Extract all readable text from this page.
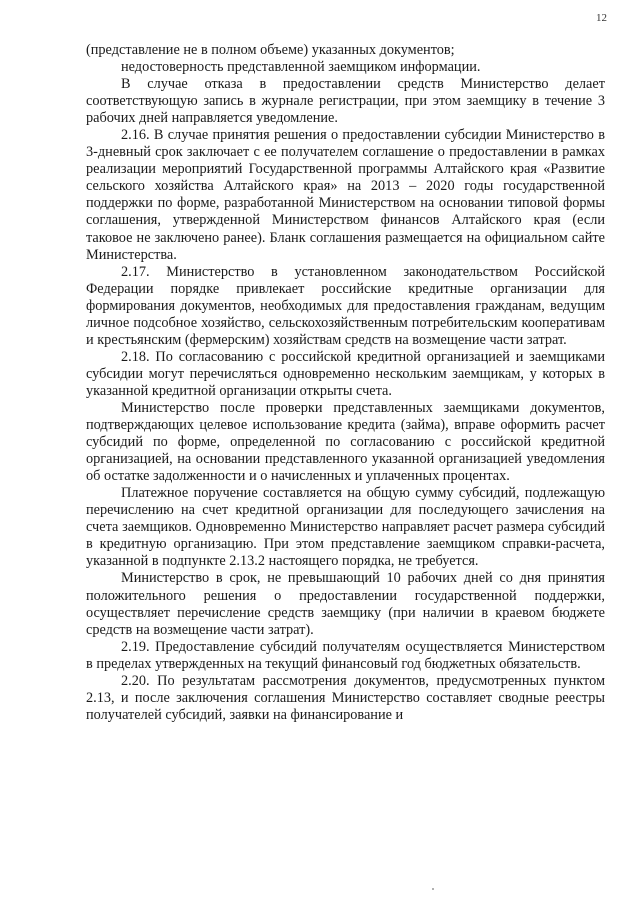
12

(представление не в полном объеме) указанных документов;

недостоверность представленной заемщиком информации.

В случае отказа в предоставлении средств Министерство делает соответствующую запись в журнале регистрации, при этом заемщику в течение 3 рабочих дней направляется уведомление.

2.16. В случае принятия решения о предоставлении субсидии Министерство в 3-дневный срок заключает с ее получателем соглашение о предоставлении в рамках реализации мероприятий Государственной программы Алтайского края «Развитие сельского хозяйства Алтайского края» на 2013 – 2020 годы государственной поддержки по форме, разработанной Министерством на основании типовой формы соглашения, утвержденной Министерством финансов Алтайского края (если таковое не заключено ранее). Бланк соглашения размещается на официальном сайте Министерства.

2.17. Министерство в установленном законодательством Российской Федерации порядке привлекает российские кредитные организации для формирования документов, необходимых для предоставления гражданам, ведущим личное подсобное хозяйство, сельскохозяйственным потребительским кооперативам и крестьянским (фермерским) хозяйствам средств на возмещение части затрат.

2.18. По согласованию с российской кредитной организацией и заемщиками субсидии могут перечисляться одновременно нескольким заемщикам, у которых в указанной кредитной организации открыты счета.

Министерство после проверки представленных заемщиками документов, подтверждающих целевое использование кредита (займа), вправе оформить расчет субсидий по форме, определенной по согласованию с российской кредитной организацией, на основании представленного указанной организацией уведомления об остатке задолженности и о начисленных и уплаченных процентах.

Платежное поручение составляется на общую сумму субсидий, подлежащую перечислению на счет кредитной организации для последующего зачисления на счета заемщиков. Одновременно Министерство направляет расчет размера субсидий в кредитную организацию. При этом представление заемщиком справки-расчета, указанной в подпункте 2.13.2 настоящего порядка, не требуется.

Министерство в срок, не превышающий 10 рабочих дней со дня принятия положительного решения о предоставлении государственной поддержки, осуществляет перечисление средств заемщику (при наличии в краевом бюджете средств на возмещение части затрат).

2.19. Предоставление субсидий получателям осуществляется Министерством в пределах утвержденных на текущий финансовый год бюджетных обязательств.

2.20. По результатам рассмотрения документов, предусмотренных пунктом 2.13, и после заключения соглашения Министерство составляет сводные реестры получателей субсидий, заявки на финансирование и
